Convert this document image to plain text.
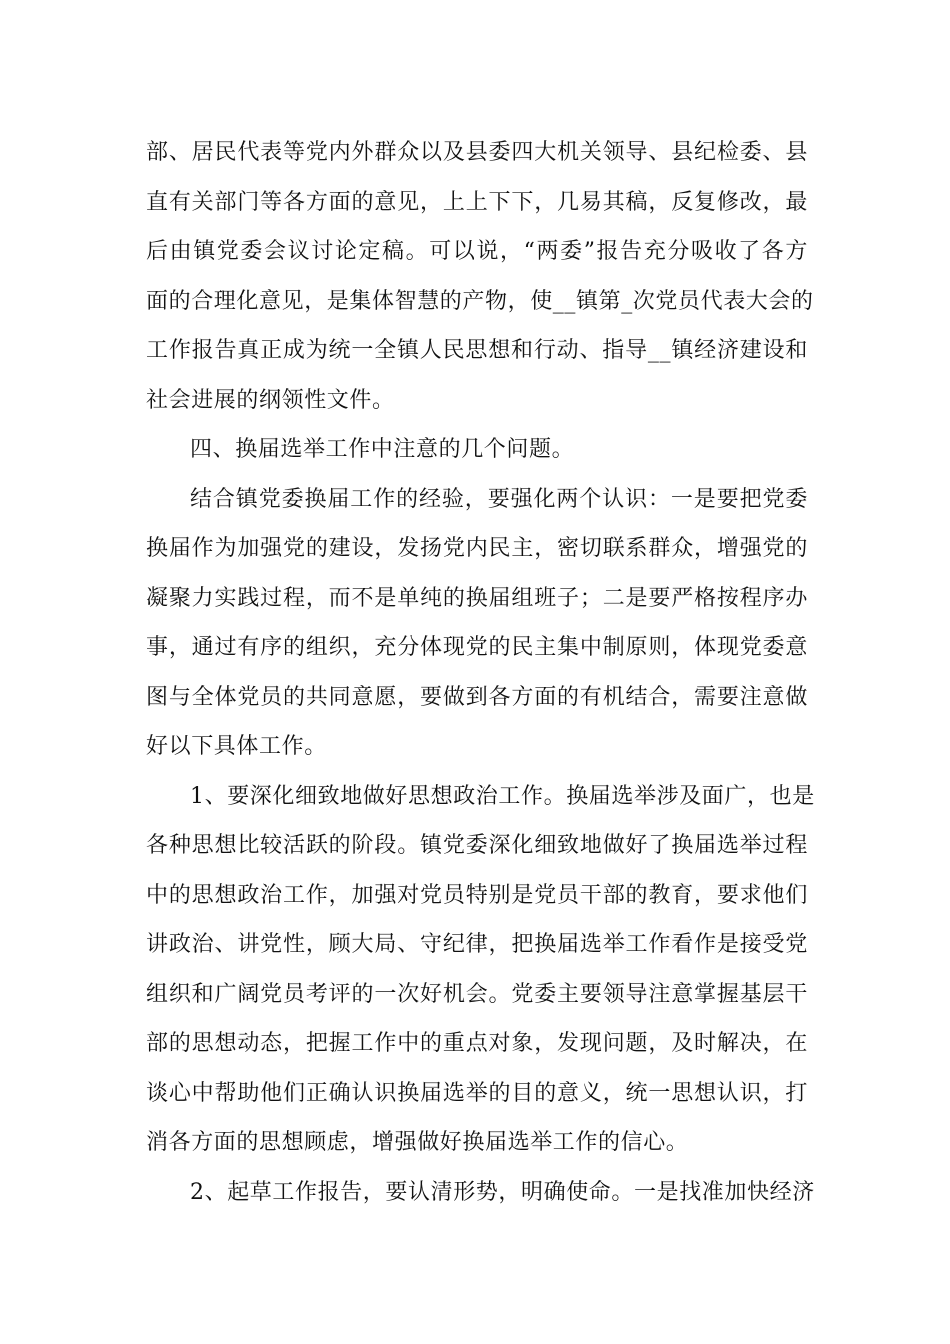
部、居民代表等党内外群众以及县委四大机关领导、县纪检委、县
直有关部门等各方面的意见，上上下下，几易其稿，反复修改，最
后由镇党委会议讨论定稿。可以说，“两委”报告充分吸收了各方
面的合理化意见，是集体智慧的产物，使__镇第_次党员代表大会的
工作报告真正成为统一全镇人民思想和行动、指导__镇经济建设和
社会进展的纲领性文件。
四、换届选举工作中注意的几个问题。
结合镇党委换届工作的经验，要强化两个认识：一是要把党委
换届作为加强党的建设，发扬党内民主，密切联系群众，增强党的
凝聚力实践过程，而不是单纯的换届组班子；二是要严格按程序办
事，通过有序的组织，充分体现党的民主集中制原则，体现党委意
图与全体党员的共同意愿，要做到各方面的有机结合，需要注意做
好以下具体工作。
1、要深化细致地做好思想政治工作。换届选举涉及面广，也是
各种思想比较活跃的阶段。镇党委深化细致地做好了换届选举过程
中的思想政治工作，加强对党员特别是党员干部的教育，要求他们
讲政治、讲党性，顾大局、守纪律，把换届选举工作看作是接受党
组织和广阔党员考评的一次好机会。党委主要领导注意掌握基层干
部的思想动态，把握工作中的重点对象，发现问题，及时解决，在
谈心中帮助他们正确认识换届选举的目的意义，统一思想认识，打
消各方面的思想顾虑，增强做好换届选举工作的信心。
2、起草工作报告，要认清形势，明确使命。一是找准加快经济
